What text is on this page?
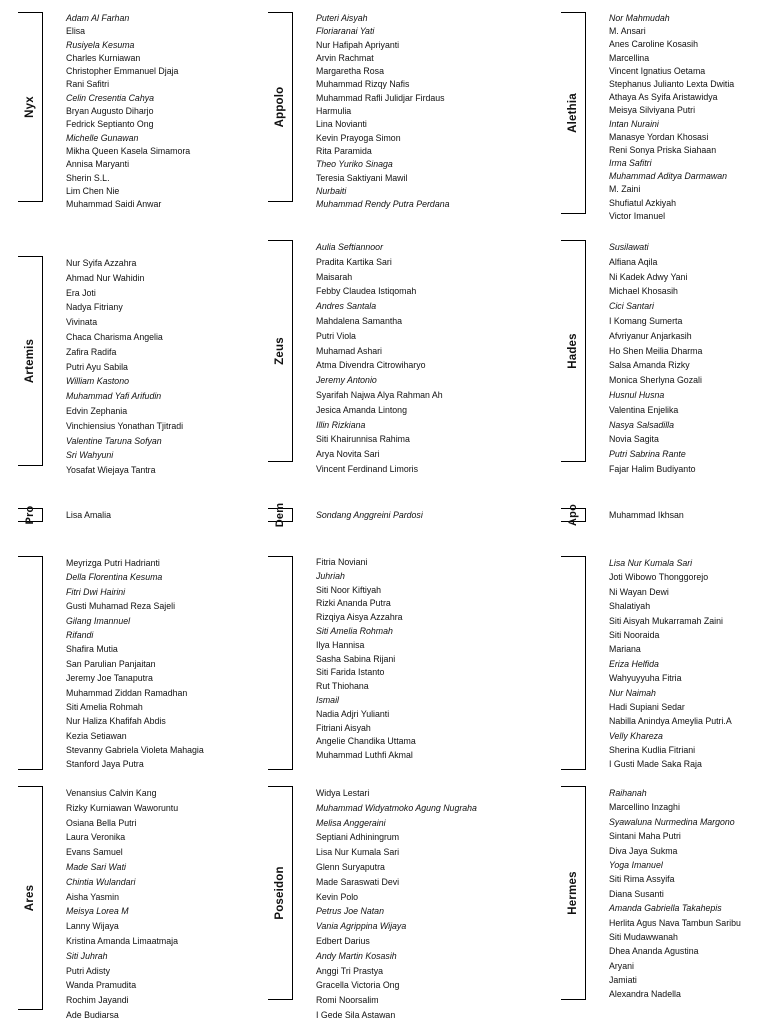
Nyx
Adam Al Farhan
Elisa
Rusiyela Kesuma
Charles Kurniawan
Christopher Emmanuel Djaja
Rani Safitri
Celin Cresentia Cahya
Bryan Augusto Diharjo
Fedrick Septianto Ong
Michelle Gunawan
Mikha Queen Kasela Simamora
Annisa Maryanti
Sherin S.L.
Lim Chen Nie
Muhammad Saidi Anwar
Appolo
Puteri Aisyah
Floriaranai Yati
Nur Hafipah Apriyanti
Arvin Rachmat
Margaretha Rosa
Muhammad Rizqy Nafis
Muhammad Rafli Julidjar Firdaus
Harmulia
Lina Novianti
Kevin Prayoga Simon
Rita Paramida
Theo Yuriko Sinaga
Teresia Saktiyani Mawil
Nurbaiti
Muhammad Rendy Putra Perdana
Alethia
Nor Mahmudah
M. Ansari
Anes Caroline Kosasih
Marcellina
Vincent Ignatius Oetama
Stephanus Julianto Lexta Dwitia
Athaya As Syifa Aristawidya
Meisya Silviyana Putri
Intan Nuraini
Manasye Yordan Khosasi
Reni Sonya Priska Siahaan
Irma Safitri
Muhammad Aditya Darmawan
M. Zaini
Shufiatul Azkiyah
Victor Imanuel
Artemis
Nur Syifa Azzahra
Ahmad Nur Wahidin
Era Joti
Nadya Fitriany
Vivinata
Chaca Charisma Angelia
Zafira Radifa
Putri Ayu Sabila
William Kastono
Muhammad Yafi Arifudin
Edvin Zephania
Vinchiensius Yonathan Tjitradi
Valentine Taruna Sofyan
Sri Wahyuni
Yosafat Wiejaya Tantra
Zeus
Aulia Seftiannoor
Pradita Kartika Sari
Maisarah
Febby Claudea Istiqomah
Andres Santala
Mahdalena Samantha
Putri Viola
Muhamad Ashari
Atma Divendra Citrowiharyo
Jeremy Antonio
Syarifah Najwa Alya Rahman Ah
Jesica Amanda Lintong
Illin Rizkiana
Siti Khairunnisa Rahima
Arya Novita Sari
Vincent Ferdinand Limoris
Hades
Susilawati
Alfiana Aqila
Ni Kadek Adwy Yani
Michael Khosasih
Cici Santari
I Komang Sumerta
Afvriyanur Anjarkasih
Ho Shen Meilia Dharma
Salsa Amanda Rizky
Monica Sherlyna Gozali
Husnul Husna
Valentina Enjelika
Nasya Salsadilla
Novia Sagita
Putri Sabrina Rante
Fajar Halim Budiyanto
Pro	Lisa Amalia	Dem	Sondang Anggreini Pardosi	Apo	Muhammad Ikhsan
Meyrizga Putri Hadrianti
Della Florentina Kesuma
Fitri Dwi Hairini
Gusti Muhamad Reza Sajeli
Gilang Imannuel
Rifandi
Shafira Mutia
San Parulian Panjaitan
Jeremy Joe Tanaputra
Muhammad Ziddan Ramadhan
Siti Amelia Rohmah
Nur Haliza Khafifah Abdis
Kezia Setiawan
Stevanny Gabriela Violeta Mahagia
Stanford Jaya Putra
Fitria Noviani
Juhriah
Siti Noor Kiftiyah
Rizki Ananda Putra
Rizqiya Aisya Azzahra
Siti Amelia Rohmah
Ilya Hannisa
Sasha Sabina Rijani
Siti Farida Istanto
Rut Thiohana
Ismail
Nadia Adjri Yulianti
Fitriani Aisyah
Angelie Chandika Uttama
Muhammad Luthfi Akmal
Lisa Nur Kumala Sari
Joti Wibowo Thonggorejo
Ni Wayan Dewi
Shalatiyah
Siti Aisyah Mukarramah Zaini
Siti Nooraida
Mariana
Eriza Helfida
Wahyuyyuha Fitria
Nur Naimah
Hadi Supiani Sedar
Nabilla Anindya Ameylia Putri.A
Velly Khareza
Sherina Kudlia Fitriani
I Gusti Made Saka Raja
Ares
Venansius Calvin Kang
Rizky Kurniawan Waworuntu
Osiana Bella Putri
Laura Veronika
Evans Samuel
Made Sari Wati
Chintia Wulandari
Aisha Yasmin
Meisya Lorea M
Lanny Wijaya
Kristina Amanda Limaatmaja
Siti Juhrah
Putri Adisty
Wanda Pramudita
Rochim Jayandi
Ade Budiarsa
Poseidon
Widya Lestari
Muhammad Widyatmoko Agung Nugraha
Melisa Anggeraini
Septiani Adhiningrum
Lisa Nur Kumala Sari
Glenn Suryaputra
Made Saraswati Devi
Kevin Polo
Petrus Joe Natan
Vania Agrippina Wijaya
Edbert Darius
Andy Martin Kosasih
Anggi Tri Prastya
Gracella Victoria Ong
Romi Noorsalim
I Gede Sila Astawan
Hermes
Raihanah
Marcellino Inzaghi
Syawaluna Nurmedina Margono
Sintani Maha Putri
Diva Jaya Sukma
Yoga Imanuel
Siti Rima Assyifa
Diana Susanti
Amanda Gabriella Takahepis
Herlita Agus Nava Tambun Saribu
Siti Mudawwanah
Dhea Ananda Agustina
Aryani
Jamiati
Alexandra Nadella
